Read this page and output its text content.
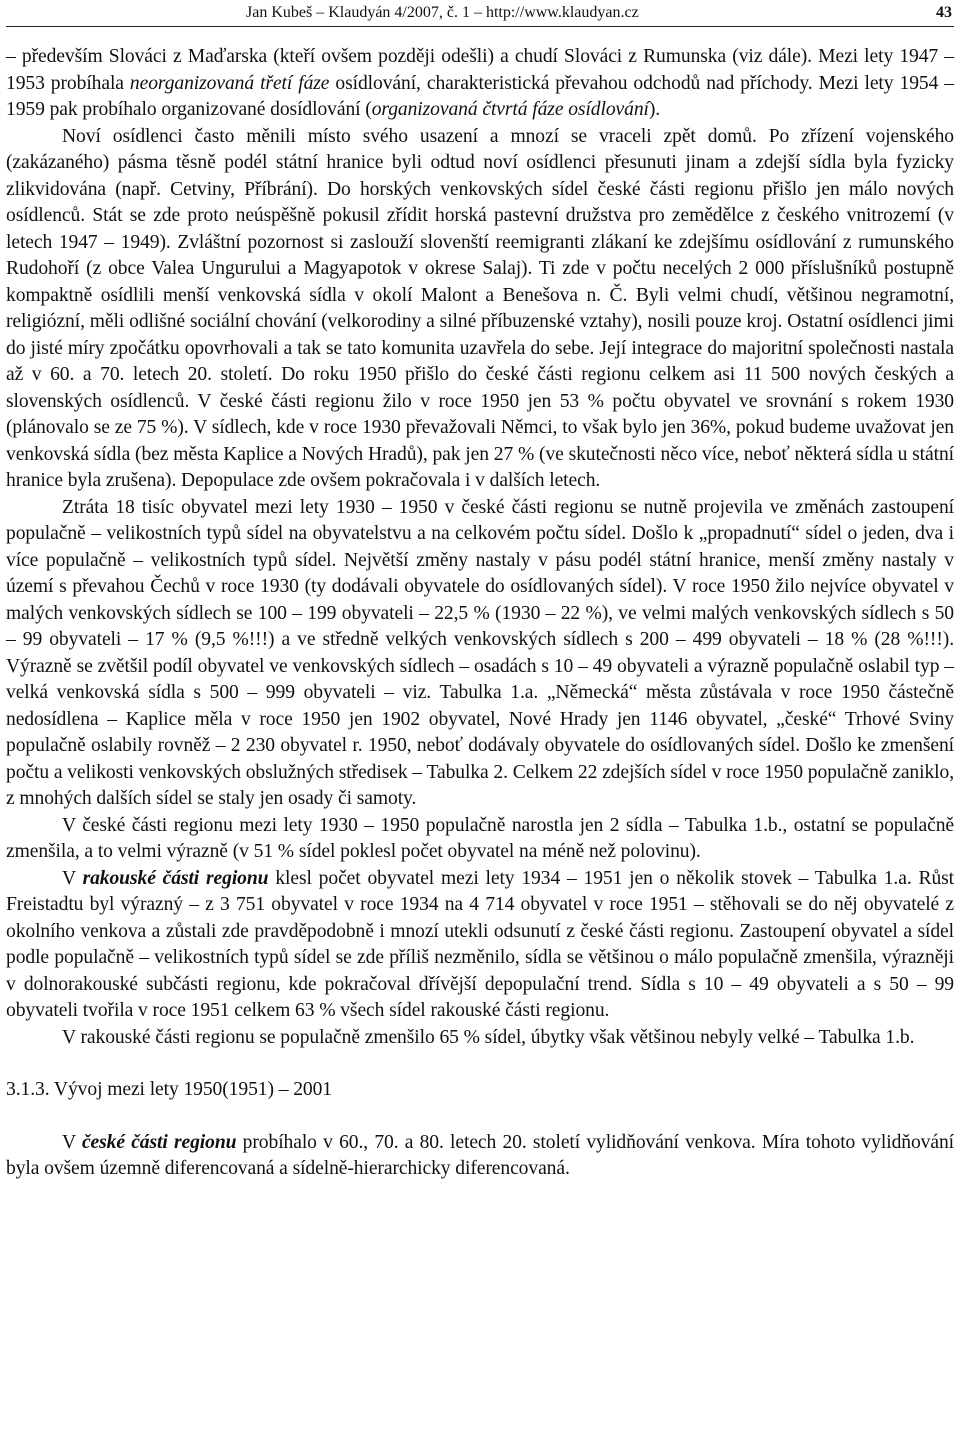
Jan Kubeš – Klaudyán 4/2007, č. 1 – http://www.klaudyan.cz	43

– především Slováci z Maďarska (kteří ovšem později odešli) a chudí Slováci z Rumunska (viz dále). Mezi lety 1947 – 1953 probíhala neorganizovaná třetí fáze osídlování, charakteristická převahou odchodů nad příchody. Mezi lety 1954 – 1959 pak probíhalo organizované dosídlování (organizovaná čtvrtá fáze osídlování).

Noví osídlenci často měnili místo svého usazení a mnozí se vraceli zpět domů. Po zřízení vojenského (zakázaného) pásma těsně podél státní hranice byli odtud noví osídlenci přesunuti jinam a zdejší sídla byla fyzicky zlikvidována (např. Cetviny, Příbrání). Do horských venkovských sídel české části regionu přišlo jen málo nových osídlenců. Stát se zde proto neúspěšně pokusil zřídit horská pastevní družstva pro zemědělce z českého vnitrozemí (v letech 1947 – 1949). Zvláštní pozornost si zaslouží slovenští reemigranti zlákaní ke zdejšímu osídlování z rumunského Rudohoří (z obce Valea Ungurului a Magyapotok v okrese Salaj). Ti zde v počtu necelých 2 000 příslušníků postupně kompaktně osídlili menší venkovská sídla v okolí Malont a Benešova n. Č. Byli velmi chudí, většinou negramotní, religiózní, měli odlišné sociální chování (velkorodiny a silné příbuzenské vztahy), nosili pouze kroj. Ostatní osídlenci jimi do jisté míry zpočátku opovrhovali a tak se tato komunita uzavřela do sebe. Její integrace do majoritní společnosti nastala až v 60. a 70. letech 20. století. Do roku 1950 přišlo do české části regionu celkem asi 11 500 nových českých a slovenských osídlenců. V české části regionu žilo v roce 1950 jen 53 % počtu obyvatel ve srovnání s rokem 1930 (plánovalo se ze 75 %). V sídlech, kde v roce 1930 převažovali Němci, to však bylo jen 36%, pokud budeme uvažovat jen venkovská sídla (bez města Kaplice a Nových Hradů), pak jen 27 % (ve skutečnosti něco více, neboť některá sídla u státní hranice byla zrušena). Depopulace zde ovšem pokračovala i v dalších letech.

Ztráta 18 tisíc obyvatel mezi lety 1930 – 1950 v české části regionu se nutně projevila ve změnách zastoupení populačně – velikostních typů sídel na obyvatelstvu a na celkovém počtu sídel. Došlo k „propadnutí“ sídel o jeden, dva i více populačně – velikostních typů sídel. Největší změny nastaly v pásu podél státní hranice, menší změny nastaly v území s převahou Čechů v roce 1930 (ty dodávali obyvatele do osídlovaných sídel). V roce 1950 žilo nejvíce obyvatel v malých venkovských sídlech se 100 – 199 obyvateli – 22,5 % (1930 – 22 %), ve velmi malých venkovských sídlech s 50 – 99 obyvateli – 17 % (9,5 %!!!) a ve středně velkých venkovských sídlech s 200 – 499 obyvateli – 18 % (28 %!!!). Výrazně se zvětšil podíl obyvatel ve venkovských sídlech – osadách s 10 – 49 obyvateli a výrazně populačně oslabil typ – velká venkovská sídla s 500 – 999 obyvateli – viz. Tabulka 1.a. „Německá“ města zůstávala v roce 1950 částečně nedosídlena – Kaplice měla v roce 1950 jen 1902 obyvatel, Nové Hrady jen 1146 obyvatel, „české“ Trhové Sviny populačně oslabily rovněž – 2 230 obyvatel r. 1950, neboť dodávaly obyvatele do osídlovaných sídel. Došlo ke zmenšení počtu a velikosti venkovských obslužných středisek – Tabulka 2. Celkem 22 zdejších sídel v roce 1950 populačně zaniklo, z mnohých dalších sídel se staly jen osady či samoty.

V české části regionu mezi lety 1930 – 1950 populačně narostla jen 2 sídla – Tabulka 1.b., ostatní se populačně zmenšila, a to velmi výrazně (v 51 % sídel poklesl počet obyvatel na méně než polovinu).

V rakouské části regionu klesl počet obyvatel mezi lety 1934 – 1951 jen o několik stovek – Tabulka 1.a. Růst Freistadtu byl výrazný – z 3 751 obyvatel v roce 1934 na 4 714 obyvatel v roce 1951 – stěhovali se do něj obyvatelé z okolního venkova a zůstali zde pravděpodobně i mnozí utekli odsunutí z české části regionu. Zastoupení obyvatel a sídel podle populačně – velikostních typů sídel se zde příliš nezměnilo, sídla se většinou o málo populačně zmenšila, výrazněji v dolnorakouské subčásti regionu, kde pokračoval dřívější depopulační trend. Sídla s 10 – 49 obyvateli a s 50 – 99 obyvateli tvořila v roce 1951 celkem 63 % všech sídel rakouské části regionu.

V rakouské části regionu se populačně zmenšilo 65 % sídel, úbytky však většinou nebyly velké – Tabulka 1.b.

3.1.3. Vývoj mezi lety 1950(1951) – 2001

V české části regionu probíhalo v 60., 70. a 80. letech 20. století vylidňování venkova. Míra tohoto vylidňování byla ovšem územně diferencovaná a sídelně-hierarchicky diferencovaná.
